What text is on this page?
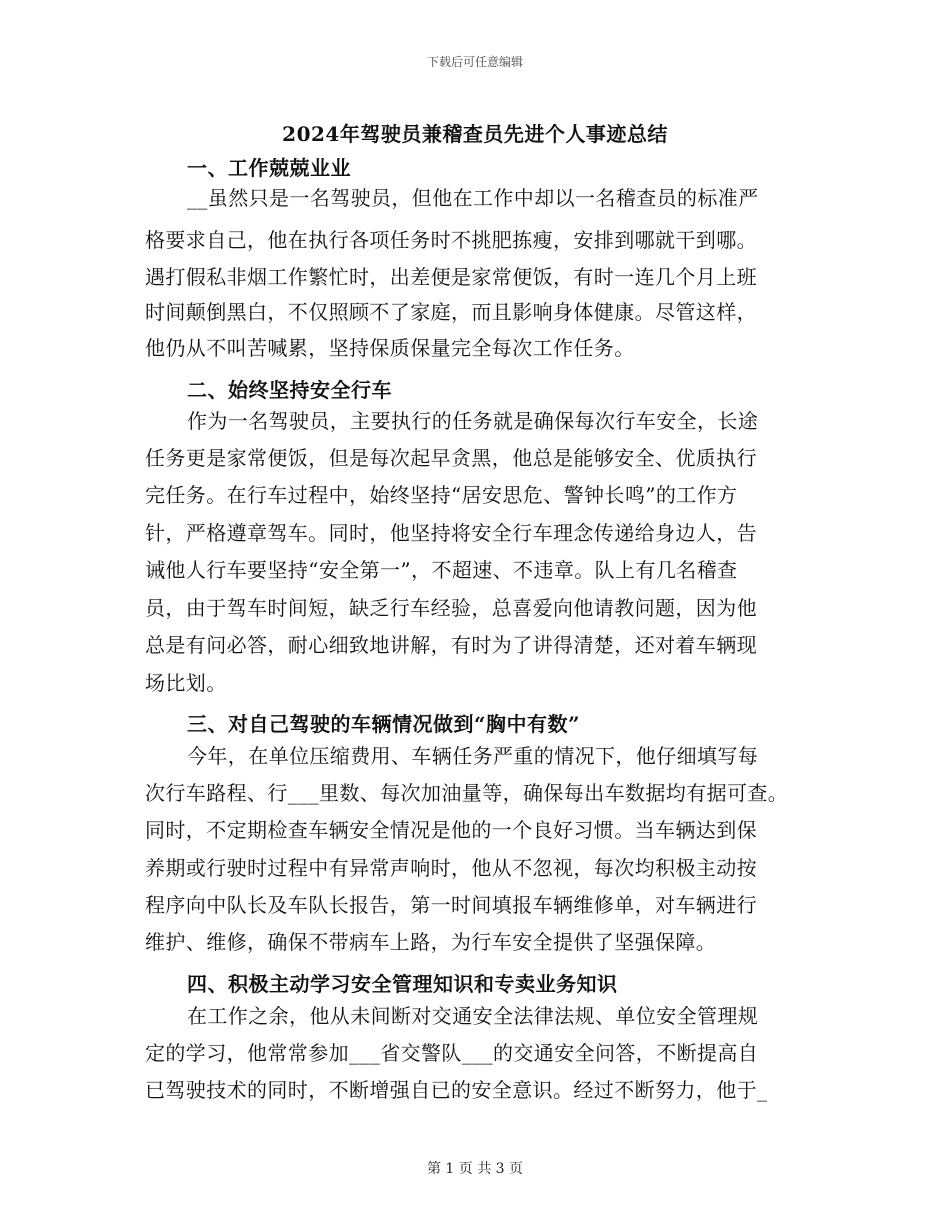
下载后可任意编辑
2024年驾驶员兼稽查员先进个人事迹总结
一、工作兢兢业业
__虽然只是一名驾驶员，但他在工作中却以一名稽查员的标准严
格要求自己，他在执行各项任务时不挑肥拣瘦，安排到哪就干到哪。
遇打假私非烟工作繁忙时，出差便是家常便饭，有时一连几个月上班
时间颠倒黑白，不仅照顾不了家庭，而且影响身体健康。尽管这样，
他仍从不叫苦喊累，坚持保质保量完全每次工作任务。
二、始终坚持安全行车
作为一名驾驶员，主要执行的任务就是确保每次行车安全，长途
任务更是家常便饭，但是每次起早贪黑，他总是能够安全、优质执行
完任务。在行车过程中，始终坚持“居安思危、警钟长鸣”的工作方
针，严格遵章驾车。同时，他坚持将安全行车理念传递给身边人，告
诫他人行车要坚持“安全第一”，不超速、不违章。队上有几名稽查
员，由于驾车时间短，缺乏行车经验，总喜爱向他请教问题，因为他
总是有问必答，耐心细致地讲解，有时为了讲得清楚，还对着车辆现
场比划。
三、对自己驾驶的车辆情况做到“胸中有数”
今年，在单位压缩费用、车辆任务严重的情况下，他仔细填写每
次行车路程、行___里数、每次加油量等，确保每出车数据均有据可查。
同时，不定期检查车辆安全情况是他的一个良好习惯。当车辆达到保
养期或行驶时过程中有异常声响时，他从不忽视，每次均积极主动按
程序向中队长及车队长报告，第一时间填报车辆维修单，对车辆进行
维护、维修，确保不带病车上路，为行车安全提供了坚强保障。
四、积极主动学习安全管理知识和专卖业务知识
在工作之余，他从未间断对交通安全法律法规、单位安全管理规
定的学习，他常常参加___省交警队___的交通安全问答，不断提高自
已驾驶技术的同时，不断增强自已的安全意识。经过不断努力，他于_
第 1 页 共 3 页
